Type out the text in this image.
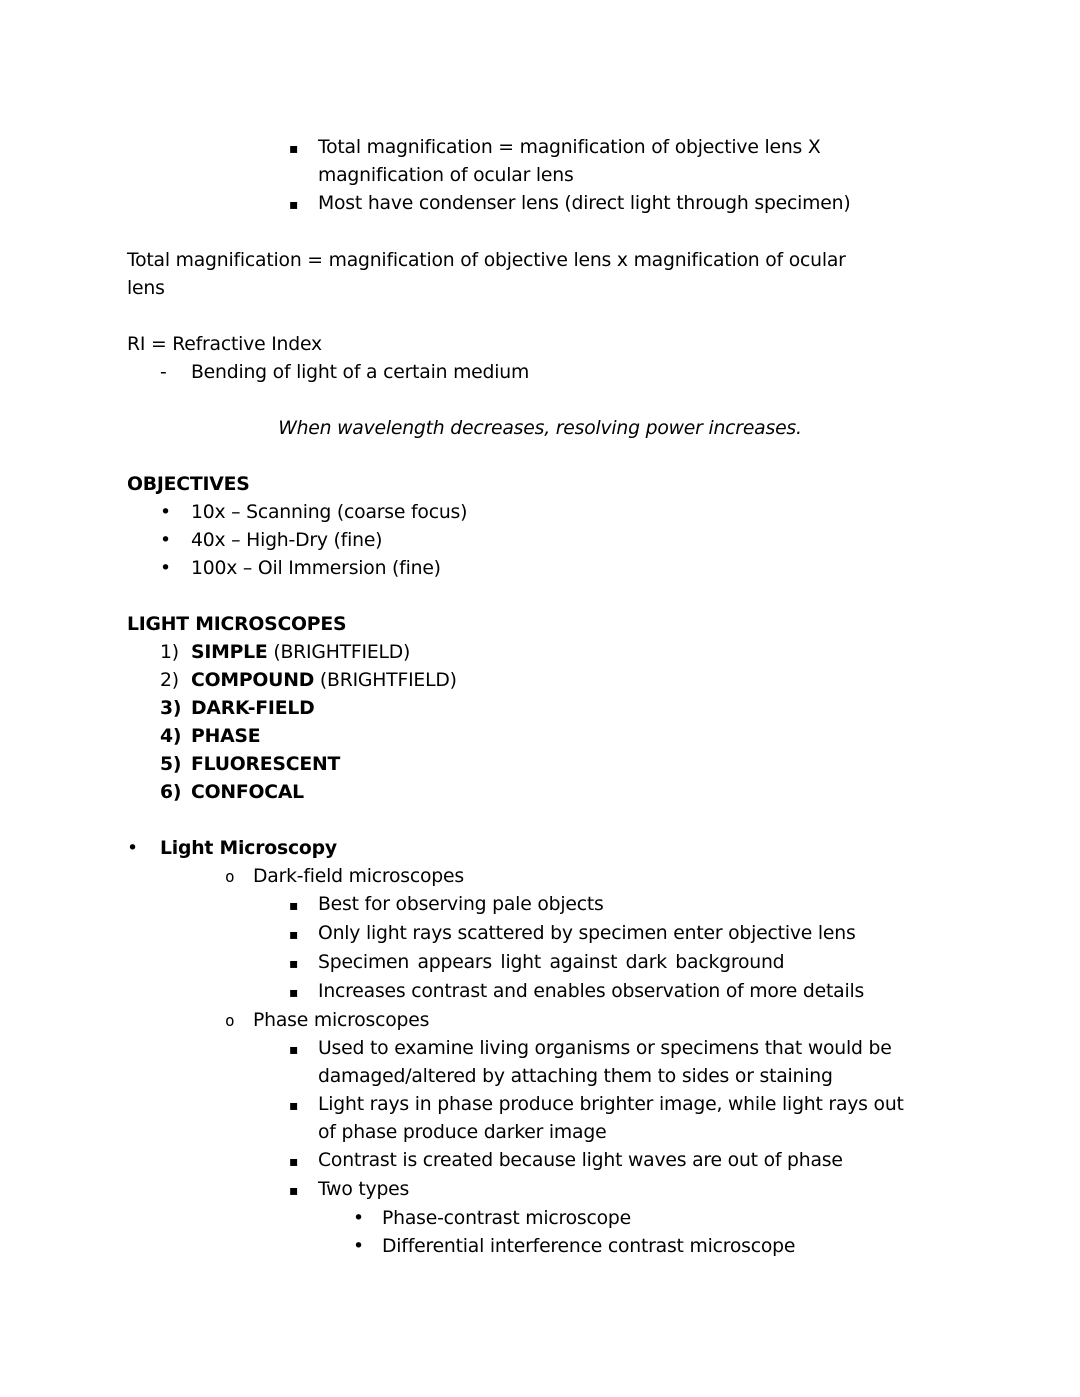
▪	Total magnification = magnification of objective lens X
magnification of ocular lens
▪	Most have condenser lens (direct light through specimen)

Total magnification = magnification of objective lens x magnification of ocular
lens

RI = Refractive Index

-	Bending of light of a certain medium

When wavelength decreases, resolving power increases.

OBJECTIVES

•	10x – Scanning (coarse focus)
•	40x – High-Dry (fine)
•	100x – Oil Immersion (fine)

LIGHT MICROSCOPES

1) SIMPLE (BRIGHTFIELD)
2) COMPOUND (BRIGHTFIELD)
3) DARK-FIELD
4) PHASE
5) FLUORESCENT
6) CONFOCAL
•	Light Microscopy
o Dark-field microscopes
▪	Best for observing pale objects
▪	Only light rays scattered by specimen enter objective lens
▪	Specimen appears light against dark background
▪	Increases contrast and enables observation of more details
o Phase microscopes
▪	Used to examine living organisms or specimens that would be
damaged/altered by attaching them to sides or staining
▪	Light rays in phase produce brighter image, while light rays out
of phase produce darker image
▪	Contrast is created because light waves are out of phase
▪	Two types
• Phase-contrast microscope
• Differential interference contrast microscope
